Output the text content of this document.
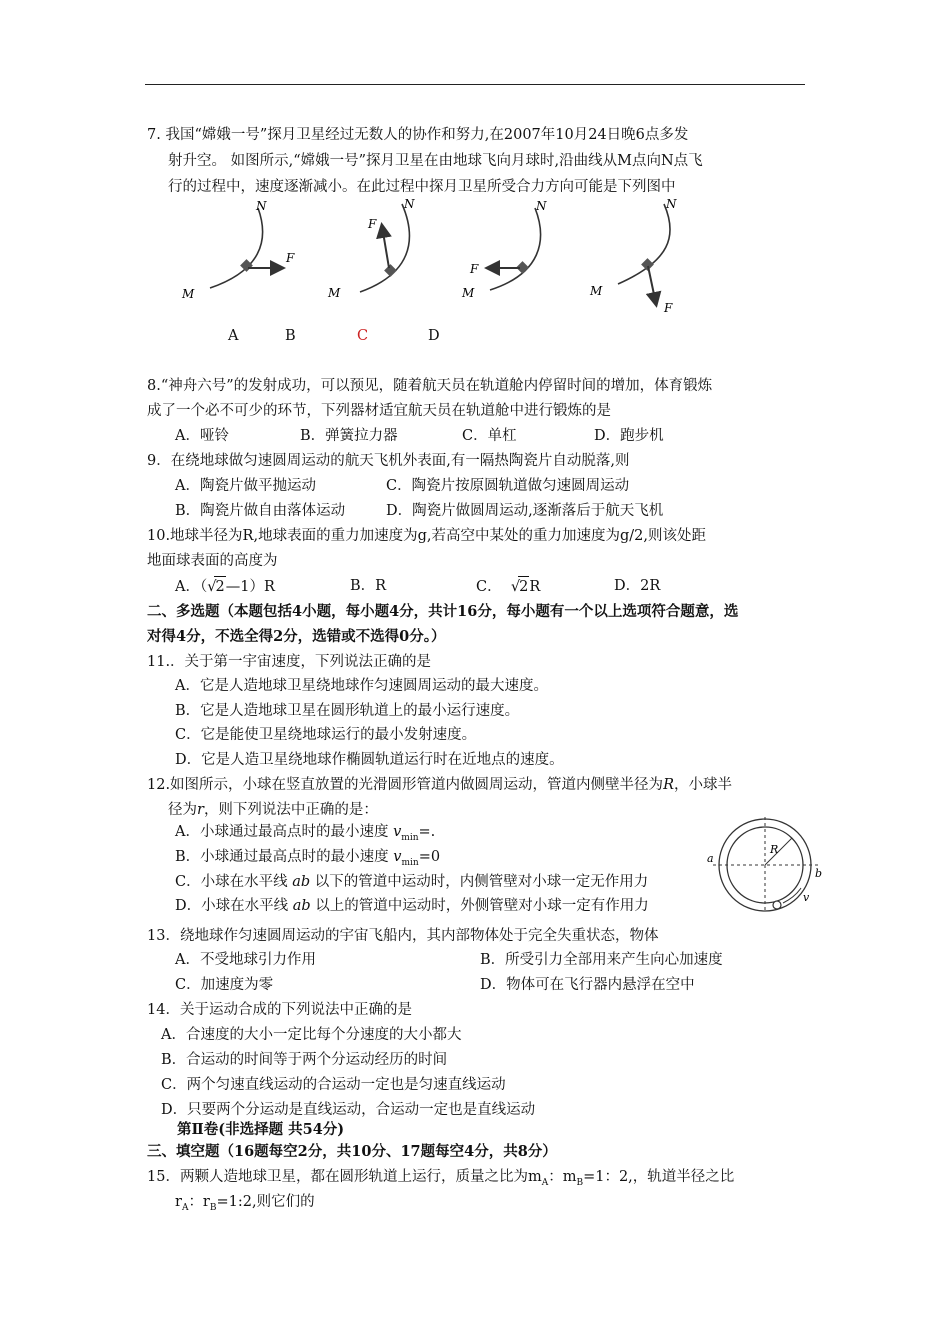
7. 我国“嫦娥一号”探月卫星经过无数人的协作和努力,在2007年10月24日晚6点多发
射升空。 如图所示,“嫦娥一号”探月卫星在由地球飞向月球时,沿曲线从M点向N点飞
行的过程中，速度逐渐减小。在此过程中探月卫星所受合力方向可能是下列图中
N
M
F
N
M
F
N
M
F
N
M
F
A	B	C	D
8.“神舟六号”的发射成功，可以预见，随着航天员在轨道舱内停留时间的增加，体育锻炼
成了一个必不可少的环节，下列器材适宜航天员在轨道舱中进行锻炼的是
A．哑铃	B．弹簧拉力器	C．单杠	D．跑步机
9．在绕地球做匀速圆周运动的航天飞机外表面,有一隔热陶瓷片自动脱落,则
A．陶瓷片做平抛运动	C．陶瓷片按原圆轨道做匀速圆周运动
B．陶瓷片做自由落体运动	D．陶瓷片做圆周运动,逐渐落后于航天飞机
10.地球半径为R,地球表面的重力加速度为g,若高空中某处的重力加速度为g/2,则该处距
地面球表面的高度为
A．（√2—1）R	B．R	C． √2R	D．2R
二、多选题（本题包括4小题，每小题4分，共计16分，每小题有一个以上选项符合题意，选
对得4分，不选全得2分，选错或不选得0分。）
11.．关于第一宇宙速度，下列说法正确的是
A．它是人造地球卫星绕地球作匀速圆周运动的最大速度。
B．它是人造地球卫星在圆形轨道上的最小运行速度。
C．它是能使卫星绕地球运行的最小发射速度。
D．它是人造卫星绕地球作椭圆轨道运行时在近地点的速度。
12.如图所示，小球在竖直放置的光滑圆形管道内做圆周运动，管道内侧壁半径为R，小球半
径为r，则下列说法中正确的是：
A．小球通过最高点时的最小速度 $v_{min}=$.
B．小球通过最高点时的最小速度 $v_{min}=0$
C．小球在水平线 ab 以下的管道中运动时，内侧管壁对小球一定无作用力
D．小球在水平线 ab 以上的管道中运动时，外侧管壁对小球一定有作用力
a
b
R
v
13．绕地球作匀速圆周运动的宇宙飞船内，其内部物体处于完全失重状态，物体
A．不受地球引力作用	B．所受引力全部用来产生向心加速度
C．加速度为零	D．物体可在飞行器内悬浮在空中
14．关于运动合成的下列说法中正确的是
A．合速度的大小一定比每个分速度的大小都大
B．合运动的时间等于两个分运动经历的时间
C．两个匀速直线运动的合运动一定也是匀速直线运动
D．只要两个分运动是直线运动，合运动一定也是直线运动
第Ⅱ卷(非选择题 共54分)
三、填空题（16题每空2分，共10分、17题每空4分，共8分）
15．两颗人造地球卫星，都在圆形轨道上运行，质量之比为$m_A$：$m_B=1$：2,，轨道半径之比
$r_A$：$r_B=1:2$,则它们的
